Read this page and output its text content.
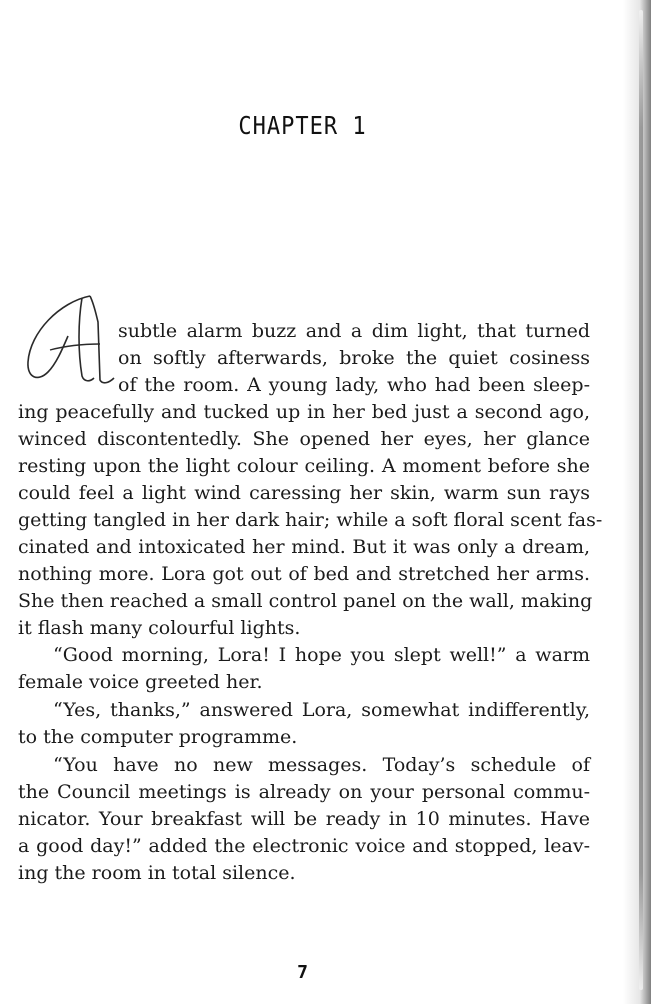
CHAPTER 1
subtle alarm buzz and a dim light, that turned
on softly afterwards, broke the quiet cosiness
of the room. A young lady, who had been sleep-
ing peacefully and tucked up in her bed just a second ago,
winced discontentedly. She opened her eyes, her glance
resting upon the light colour ceiling. A moment before she
could feel a light wind caressing her skin, warm sun rays
getting tangled in her dark hair; while a soft floral scent fas-
cinated and intoxicated her mind. But it was only a dream,
nothing more. Lora got out of bed and stretched her arms.
She then reached a small control panel on the wall, making
it flash many colourful lights.
“Good morning, Lora! I hope you slept well!” a warm
female voice greeted her.
“Yes, thanks,” answered Lora, somewhat indifferently,
to the computer programme.
“You have no new messages. Today’s schedule of
the Council meetings is already on your personal commu-
nicator. Your breakfast will be ready in 10 minutes. Have
a good day!” added the electronic voice and stopped, leav-
ing the room in total silence.
7
